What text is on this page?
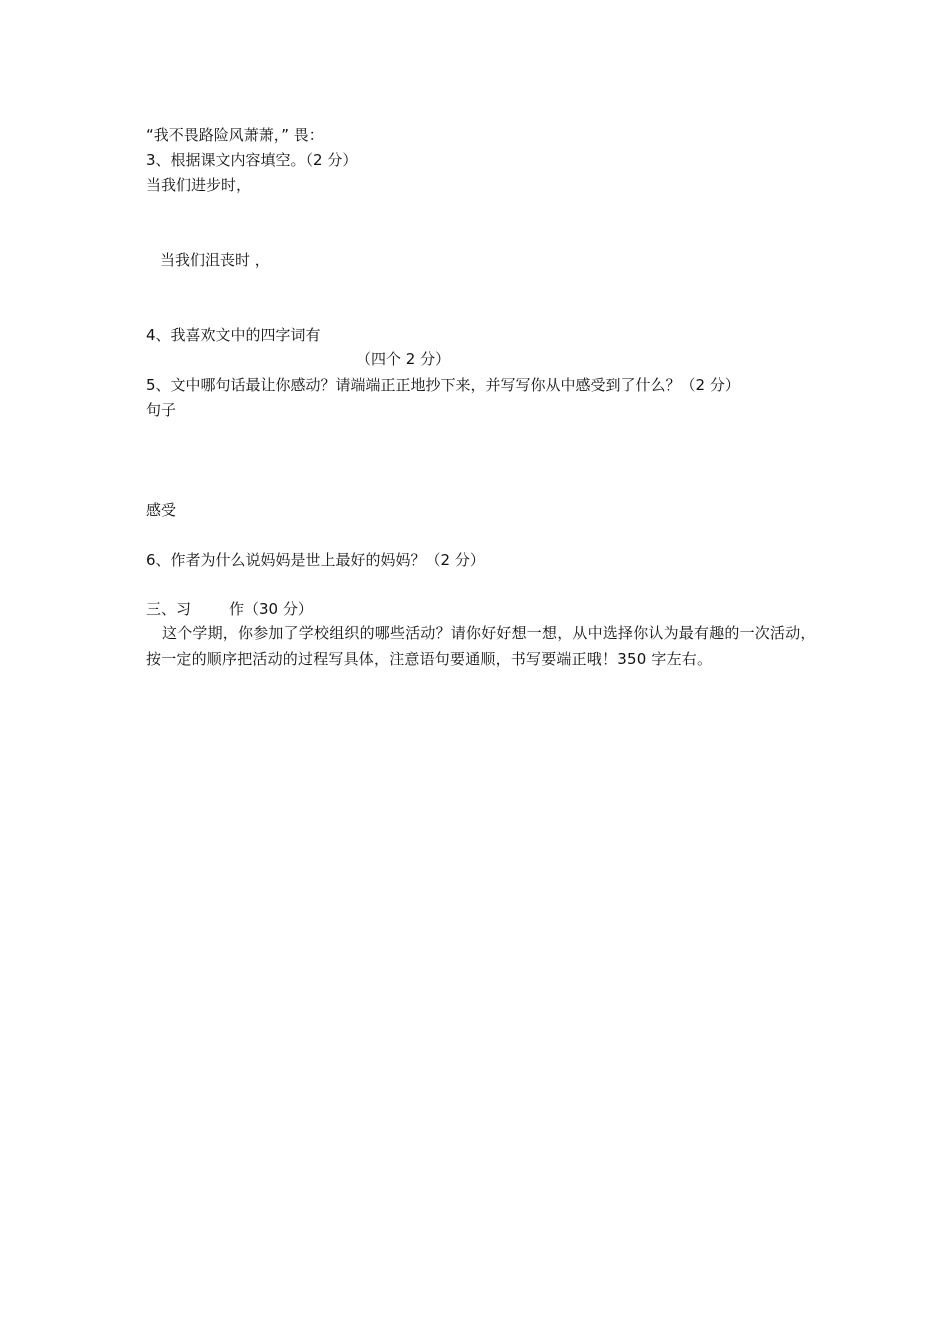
“我不畏路险风萧萧，” 畏：
3、根据课文内容填空。（2 分）
当我们进步时，
当我们沮丧时 ，
4、我喜欢文中的四字词有
（四个 2 分）
5、文中哪句话最让你感动？请端端正正地抄下来，并写写你从中感受到了什么？（2 分）
句子
感受
6、作者为什么说妈妈是世上最好的妈妈？（2 分）
三、习	作（30 分）
这个学期，你参加了学校组织的哪些活动？请你好好想一想，从中选择你认为最有趣的一次活动，按一定的顺序把活动的过程写具体，注意语句要通顺，书写要端正哦！350 字左右。
